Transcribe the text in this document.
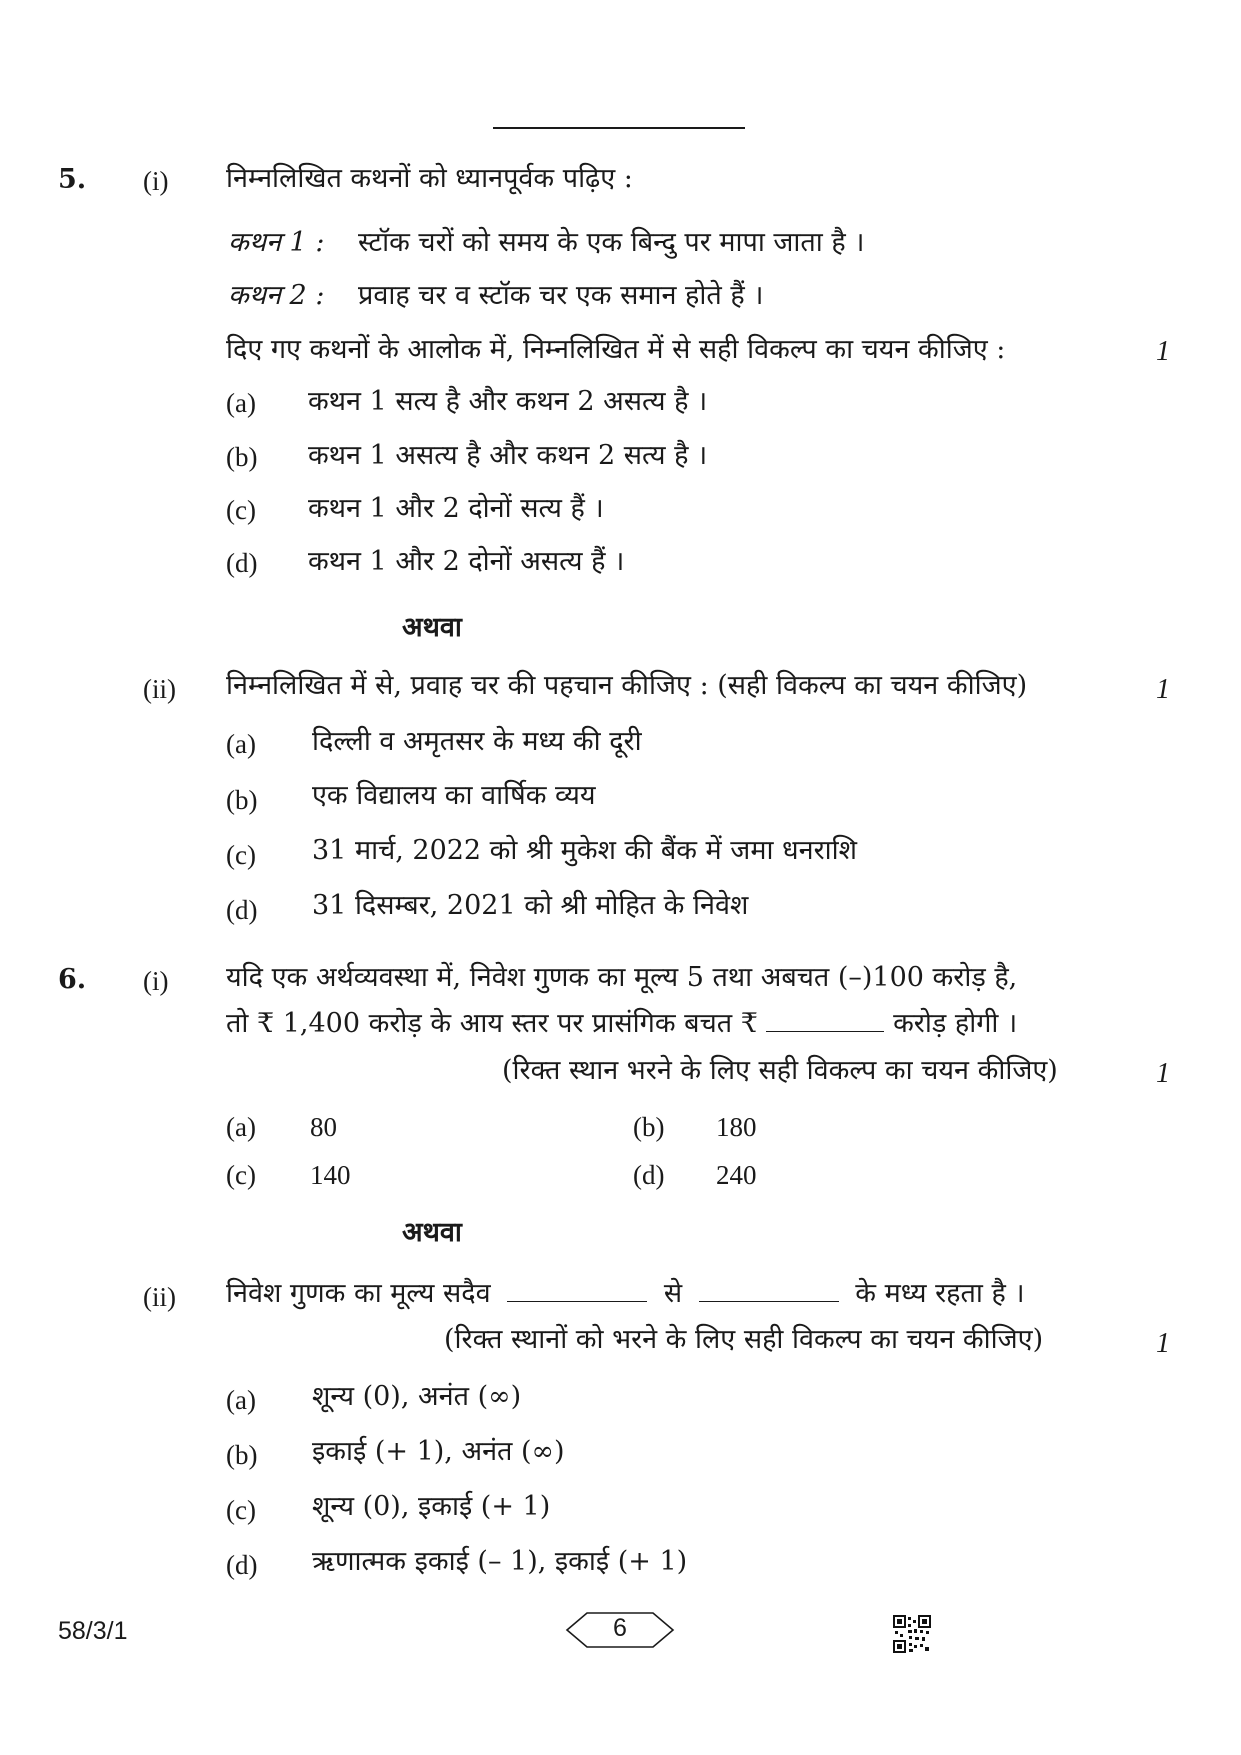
5. (i) निम्नलिखित कथनों को ध्यानपूर्वक पढ़िए :
कथन 1 : स्टॉक चरों को समय के एक बिन्दु पर मापा जाता है ।
कथन 2 : प्रवाह चर व स्टॉक चर एक समान होते हैं ।
दिए गए कथनों के आलोक में, निम्नलिखित में से सही विकल्प का चयन कीजिए :	1
(a) कथन 1 सत्य है और कथन 2 असत्य है ।
(b) कथन 1 असत्य है और कथन 2 सत्य है ।
(c) कथन 1 और 2 दोनों सत्य हैं ।
(d) कथन 1 और 2 दोनों असत्य हैं ।
अथवा
(ii) निम्नलिखित में से, प्रवाह चर की पहचान कीजिए : (सही विकल्प का चयन कीजिए)	1
(a) दिल्ली व अमृतसर के मध्य की दूरी
(b) एक विद्यालय का वार्षिक व्यय
(c) 31 मार्च, 2022 को श्री मुकेश की बैंक में जमा धनराशि
(d) 31 दिसम्बर, 2021 को श्री मोहित के निवेश
6. (i) यदि एक अर्थव्यवस्था में, निवेश गुणक का मूल्य 5 तथा अबचत (–)100 करोड़ है,
तो ₹ 1,400 करोड़ के आय स्तर पर प्रासंगिक बचत ₹	करोड़ होगी ।
(रिक्त स्थान भरने के लिए सही विकल्प का चयन कीजिए)	1
(a) 80	(b) 180
(c) 140	(d) 240
अथवा
(ii) निवेश गुणक का मूल्य सदैव	से	के मध्य रहता है ।
(रिक्त स्थानों को भरने के लिए सही विकल्प का चयन कीजिए)	1
(a) शून्य (0), अनंत (∞)
(b) इकाई (+ 1), अनंत (∞)
(c) शून्य (0), इकाई (+ 1)
(d) ऋणात्मक इकाई (– 1), इकाई (+ 1)
58/3/1	6
